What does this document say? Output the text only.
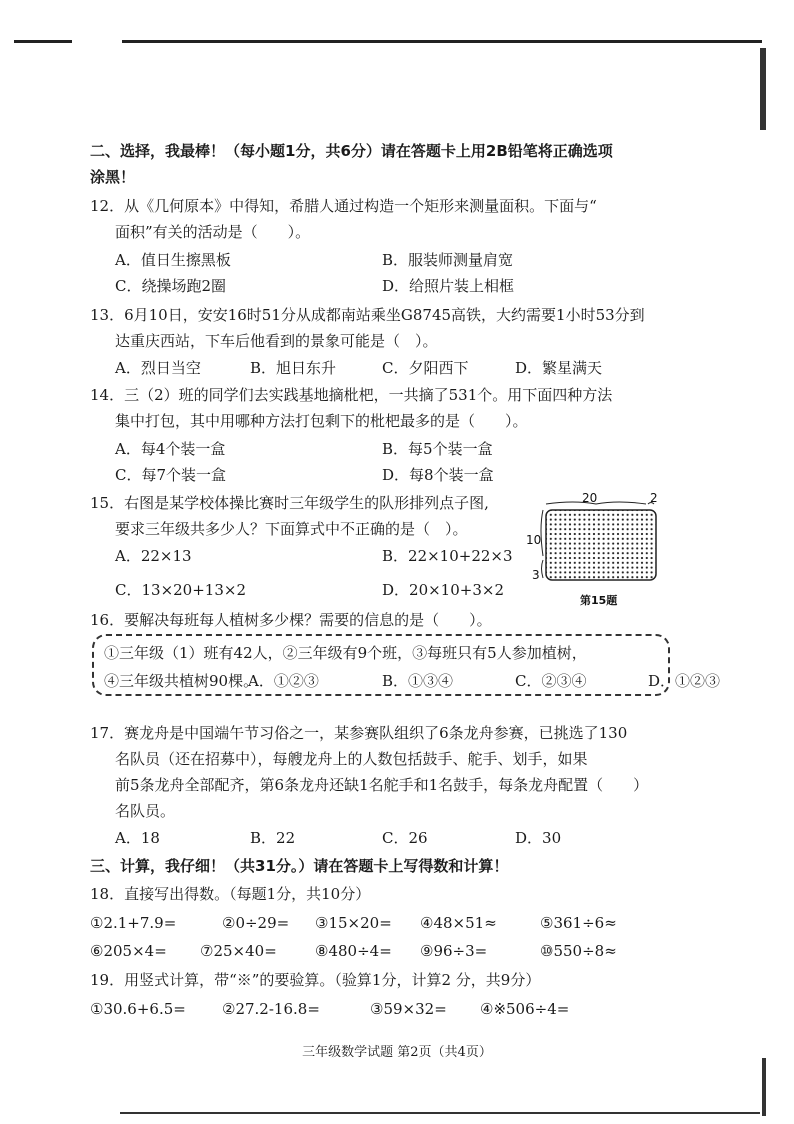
二、选择，我最棒！（每小题1分，共6分）请在答题卡上用2B铅笔将正确选项
涂黑！
12．从《几何原本》中得知，希腊人通过构造一个矩形来测量面积。下面与“
面积”有关的活动是（　　）。
A．值日生擦黑板	B．服装师测量肩宽
C．绕操场跑2圈	D．给照片装上相框
13．6月10日，安安16时51分从成都南站乘坐G8745高铁，大约需要1小时53分到
达重庆西站，下车后他看到的景象可能是（　）。
A．烈日当空	B．旭日东升	C．夕阳西下	D．繁星满天
14．三（2）班的同学们去实践基地摘枇杷，一共摘了531个。用下面四种方法
集中打包，其中用哪种方法打包剩下的枇杷最多的是（　　）。
A．每4个装一盒	B．每5个装一盒
C．每7个装一盒	D．每8个装一盒
15．右图是某学校体操比赛时三年级学生的队形排列点子图,
要求三年级共多少人？下面算式中不正确的是（　）。
A．22×13	B．22×10+22×3
C．13×20+13×2	D．20×10+3×2
20	2
10
3
第15题
16．要解决每班每人植树多少棵？需要的信息的是（　　）。
①三年级（1）班有42人，②三年级有9个班，③每班只有5人参加植树，
④三年级共植树90棵。
A．①②③	B．①③④	C．②③④	D．①②③
17．赛龙舟是中国端午节习俗之一，某参赛队组织了6条龙舟参赛，已挑选了130
名队员（还在招募中），每艘龙舟上的人数包括鼓手、舵手、划手，如果
前5条龙舟全部配齐，第6条龙舟还缺1名舵手和1名鼓手，每条龙舟配置（　　）
名队员。
A．18	B．22	C．26	D．30
三、计算，我仔细！（共31分。）请在答题卡上写得数和计算！
18．直接写出得数。（每题1分，共10分）
①2.1+7.9=	②0÷29= ③15×20= ④48×51≈	⑤361÷6≈
⑥205×4= ⑦25×40=	⑧480÷4= ⑨96÷3=	⑩550÷8≈
19．用竖式计算，带“※”的要验算。（验算1分，计算2 分，共9分）
①30.6+6.5= ②27.2-16.8=	③59×32= ④※506÷4=
三年级数学试题 第2页（共4页）
